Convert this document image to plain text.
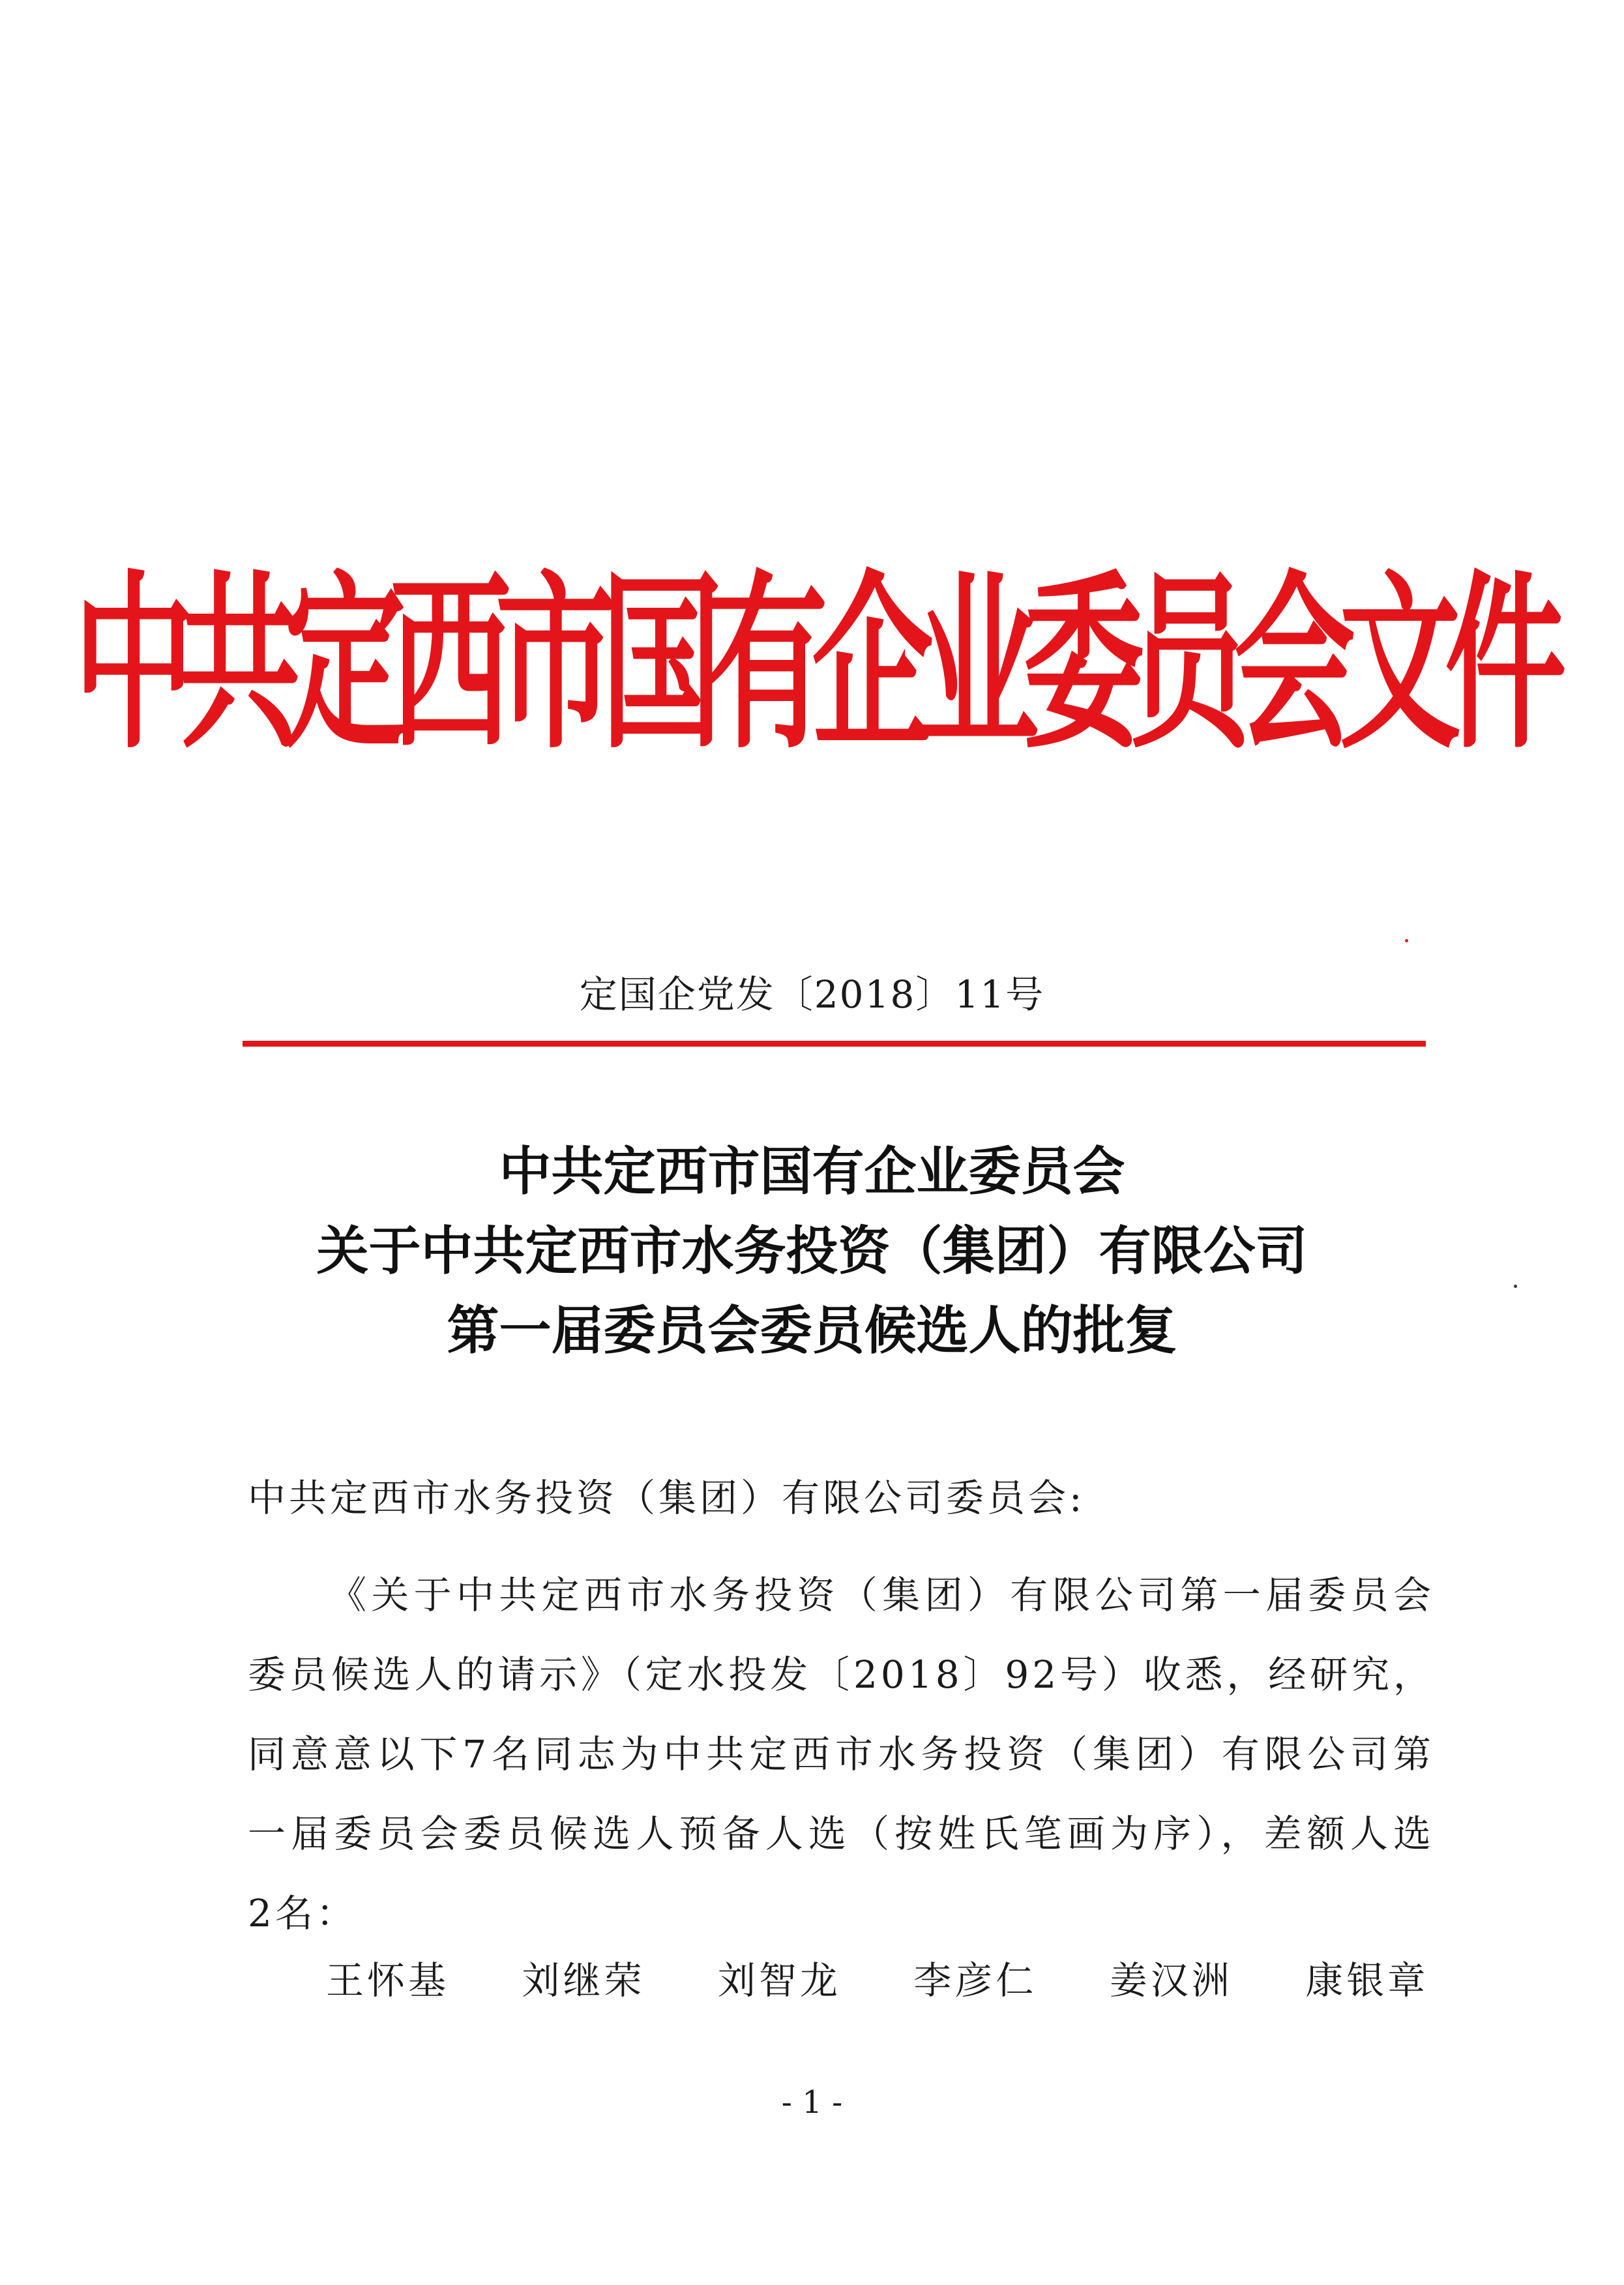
中共定西市国有企业委员会文件
定国企党发〔2018〕11号
中共定西市国有企业委员会
关于中共定西市水务投资（集团）有限公司
第一届委员会委员候选人的批复
中共定西市水务投资（集团）有限公司委员会:
《关于中共定西市水务投资（集团）有限公司第一届委员会
委员候选人的请示》（定水投发〔2018〕92号）收悉，经研究，
同意意以下7名同志为中共定西市水务投资（集团）有限公司第
一届委员会委员候选人预备人选（按姓氏笔画为序），差额人选
2名：
王怀基 刘继荣 刘智龙 李彦仁 姜汉洲 康银章
- 1 -
